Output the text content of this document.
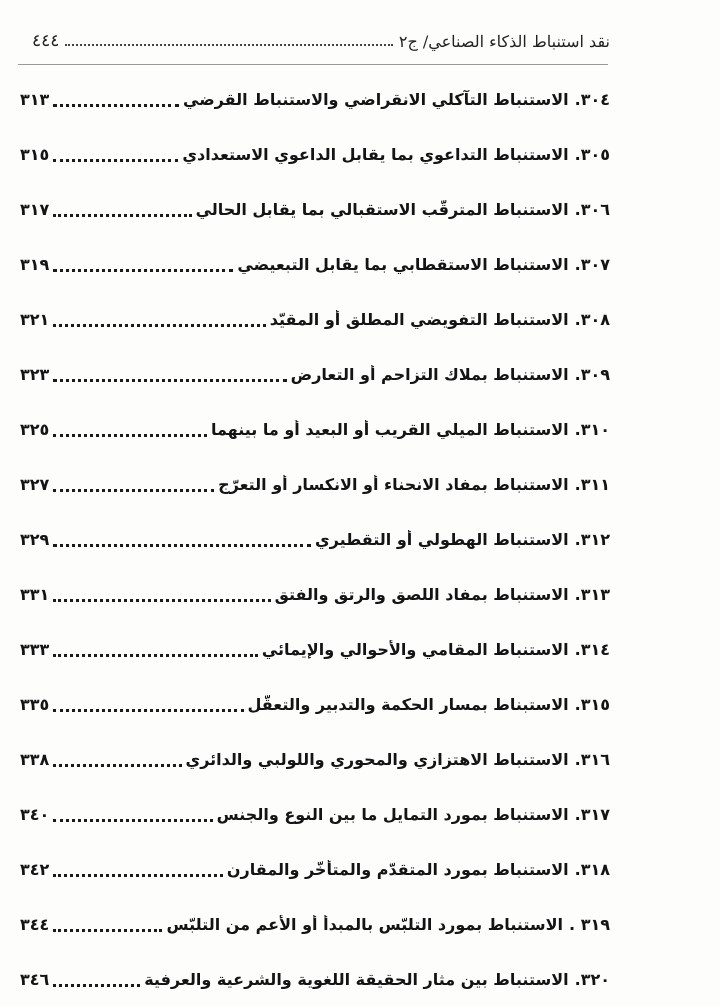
نقد استنباط الذكاء الصناعي/ ج٢
٤٤٤
٣٠٤.
الاستنباط التآكلي الانقراضي والاستنباط القرضي
٣١٣
٣٠٥.
الاستنباط التداعوي بما يقابل الداعوي الاستعدادي
٣١٥
٣٠٦.
الاستنباط المترقَّب الاستقبالي بما يقابل الحالي
٣١٧
٣٠٧.
الاستنباط الاستقطابي بما يقابل التبعيضي
٣١٩
٣٠٨.
الاستنباط التفويضي المطلق أو المقيّد
٣٢١
٣٠٩.
الاستنباط بملاك التزاحم أو التعارض
٣٢٣
٣١٠.
الاستنباط الميلي القريب أو البعيد أو ما بينهما
٣٢٥
٣١١.
الاستنباط بمفاد الانحناء أو الانكسار أو التعرّج
٣٢٧
٣١٢.
الاستنباط الهطولي أو التقطيري
٣٢٩
٣١٣.
الاستنباط بمفاد اللصق والرتق والفتق
٣٣١
٣١٤.
الاستنباط المقامي والأحوالي والإيمائي
٣٣٣
٣١٥.
الاستبناط بمسار الحكمة والتدبير والتعقّل
٣٣٥
٣١٦.
الاستنباط الاهتزازي والمحوري واللولبي والدائري
٣٣٨
٣١٧.
الاستنباط بمورد التمايل ما بين النوع والجنس
٣٤٠
٣١٨.
الاستنباط بمورد المتقدّم والمتأخّر والمقارن
٣٤٢
٣١٩ .
الاستنباط بمورد التلبّس بالمبدأ أو الأعم من التلبّس
٣٤٤
٣٢٠.
الاستنباط بين مثار الحقيقة اللغوية والشرعية والعرفية
٣٤٦
